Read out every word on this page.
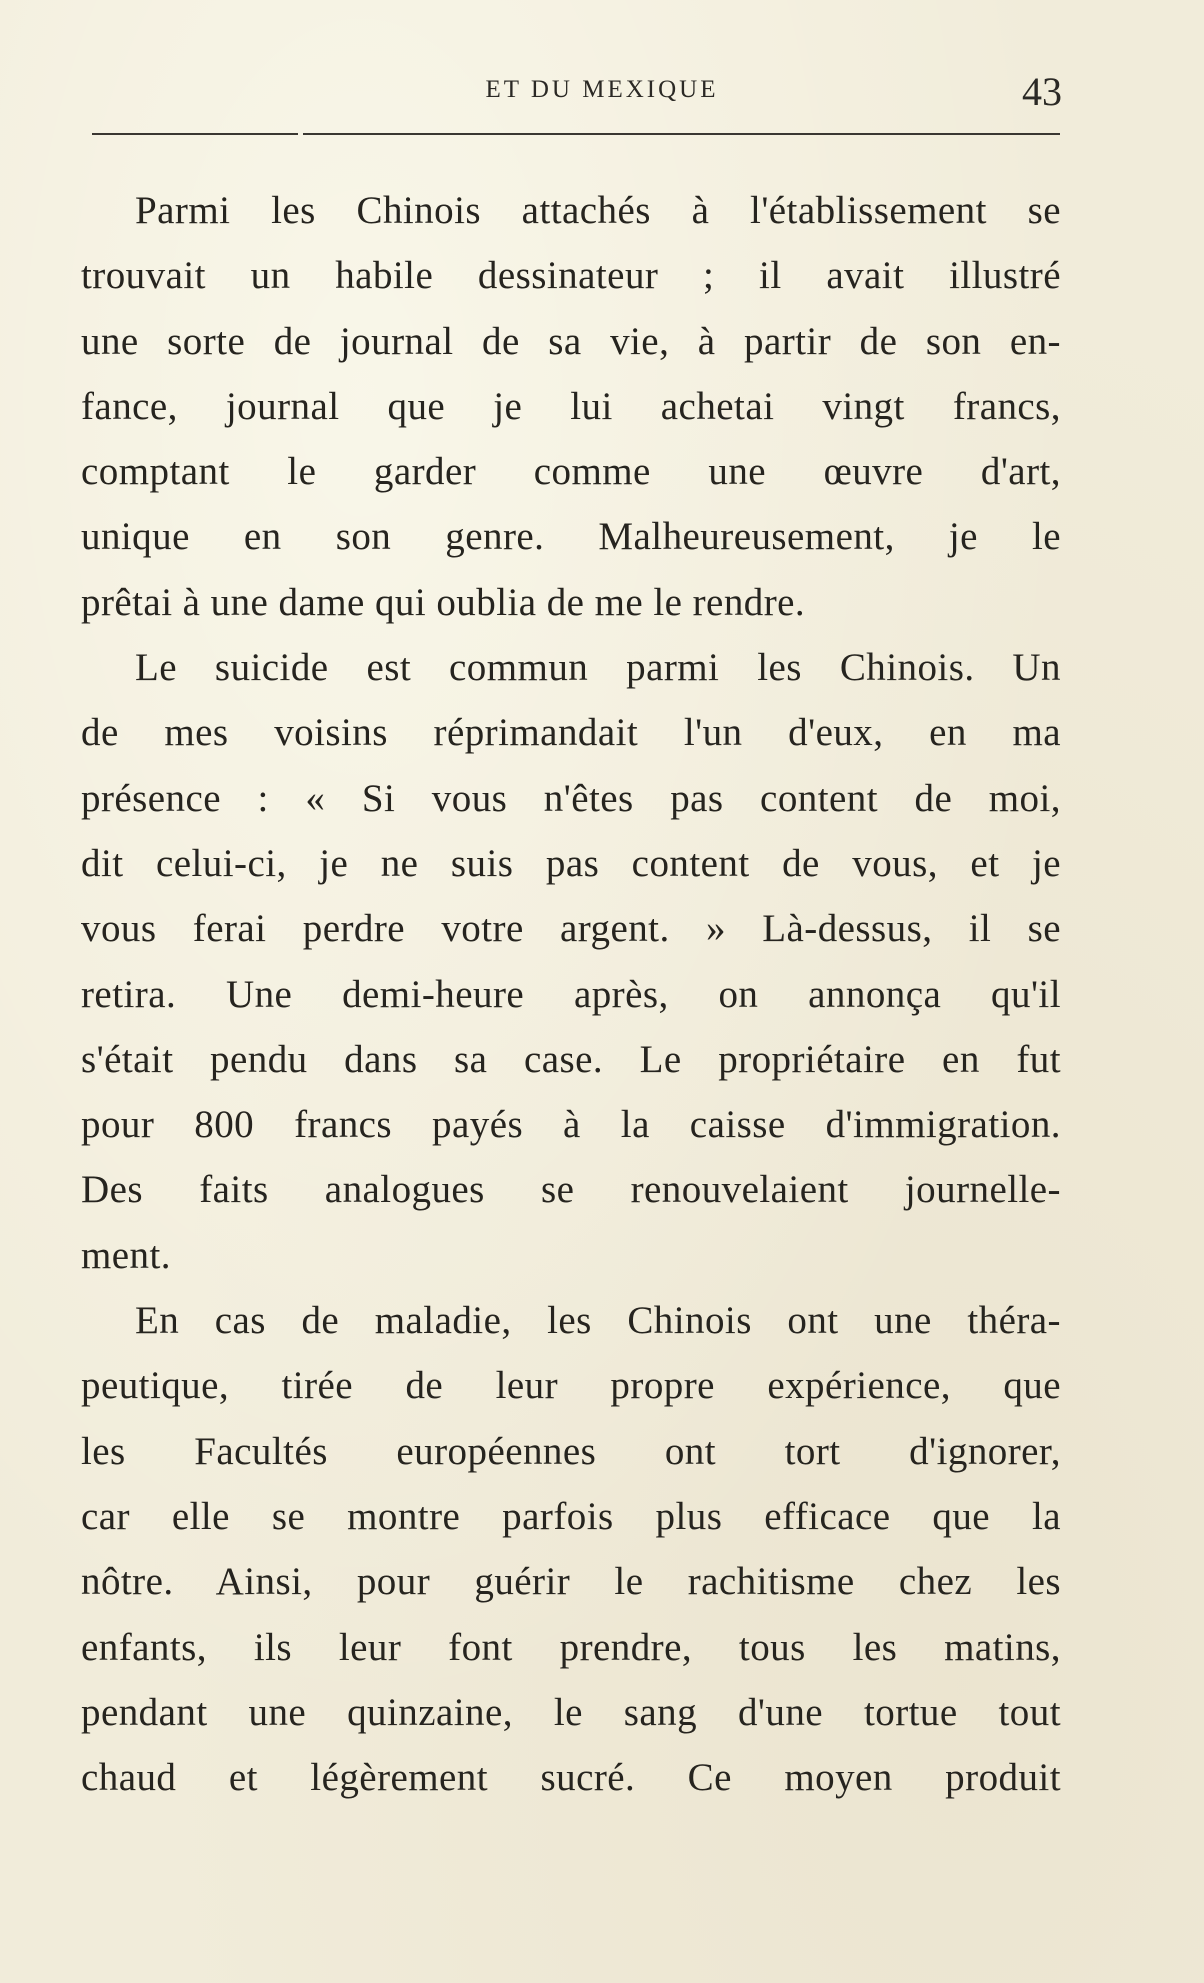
ET DU MEXIQUE	43
Parmi les Chinois attachés à l'établissement se
trouvait un habile dessinateur ; il avait illustré
une sorte de journal de sa vie, à partir de son en-
fance, journal que je lui achetai vingt francs,
comptant le garder comme une œuvre d'art,
unique en son genre. Malheureusement, je le
prêtai à une dame qui oublia de me le rendre.
Le suicide est commun parmi les Chinois. Un
de mes voisins réprimandait l'un d'eux, en ma
présence : « Si vous n'êtes pas content de moi,
dit celui-ci, je ne suis pas content de vous, et je
vous ferai perdre votre argent. » Là-dessus, il se
retira. Une demi-heure après, on annonça qu'il
s'était pendu dans sa case. Le propriétaire en fut
pour 800 francs payés à la caisse d'immigration.
Des faits analogues se renouvelaient journelle-
ment.
En cas de maladie, les Chinois ont une théra-
peutique, tirée de leur propre expérience, que
les Facultés européennes ont tort d'ignorer,
car elle se montre parfois plus efficace que la
nôtre. Ainsi, pour guérir le rachitisme chez les
enfants, ils leur font prendre, tous les matins,
pendant une quinzaine, le sang d'une tortue tout
chaud et légèrement sucré. Ce moyen produit
